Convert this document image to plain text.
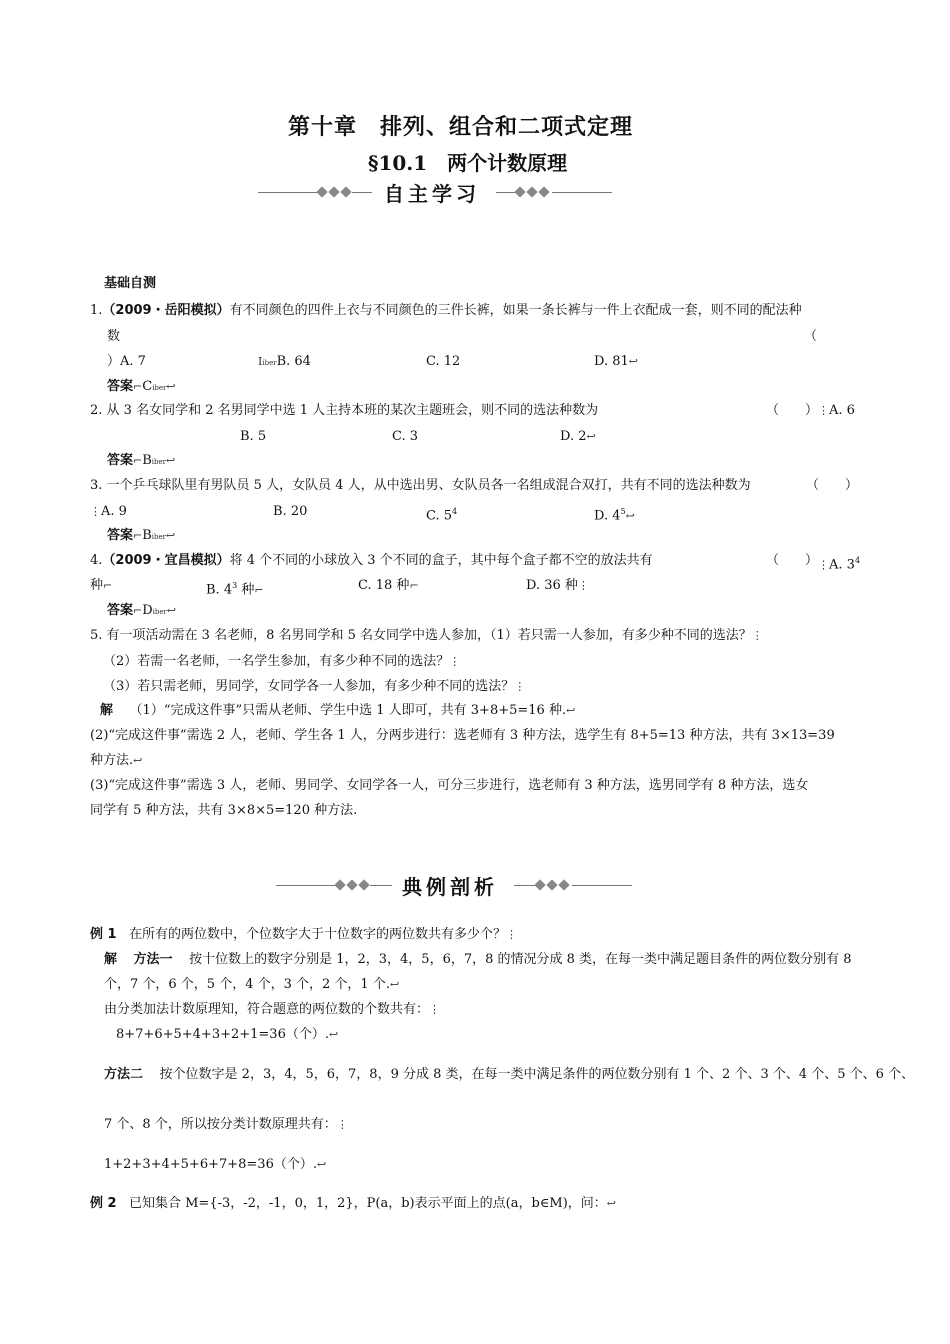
第十章　排列、组合和二项式定理
§10.1　两个计数原理
自主学习
基础自测
1.（2009・岳阳模拟）有不同颜色的四件上衣与不同颜色的三件长裤，如果一条长裤与一件上衣配成一套，则不同的配法种
数	（
）A. 7	IiberB. 64	C. 12	D. 81↩
答案⌐Ciber↩
2. 从 3 名女同学和 2 名男同学中选 1 人主持本班的某次主题班会，则不同的选法种数为	（　　） ⋮A. 6
B. 5	C. 3	D. 2↩
答案⌐Biber↩
3. 一个乒乓球队里有男队员 5 人，女队员 4 人，从中选出男、女队员各一名组成混合双打，共有不同的选法种数为	（　　）
⋮A. 9	B. 20	C. $5^4$	D. $4^5↩$
答案⌐Biber↩
4.（2009・宜昌模拟）将 4 个不同的小球放入 3 个不同的盒子，其中每个盒子都不空的放法共有	（　　） ⋮A. $3^4$
种⌐	B. $4^3$ 种⌐	C. 18 种⌐	D. 36 种⋮
答案⌐Diber↩
5. 有一项活动需在 3 名老师，8 名男同学和 5 名女同学中选人参加，（1）若只需一人参加，有多少种不同的选法？⋮
（2）若需一名老师，一名学生参加，有多少种不同的选法？⋮
（3）若只需老师，男同学，女同学各一人参加，有多少种不同的选法？⋮
解 （1）“完成这件事”只需从老师、学生中选 1 人即可，共有 3+8+5=16 种.↩
(2)“完成这件事”需选 2 人，老师、学生各 1 人，分两步进行：选老师有 3 种方法，选学生有 8+5=13 种方法，共有 3×13=39
种方法.↩
(3)“完成这件事”需选 3 人，老师、男同学、女同学各一人，可分三步进行，选老师有 3 种方法，选男同学有 8 种方法，选女
同学有 5 种方法，共有 3×8×5=120 种方法.
典例剖析
例 1 在所有的两位数中，个位数字大于十位数字的两位数共有多少个？⋮
解 方法一 按十位数上的数字分别是 1，2，3，4，5，6，7，8 的情况分成 8 类，在每一类中满足题目条件的两位数分别有 8
个，7 个，6 个，5 个，4 个，3 个，2 个，1 个.↩
由分类加法计数原理知，符合题意的两位数的个数共有：⋮
8+7+6+5+4+3+2+1=36（个）.↩
方法二 按个位数字是 2，3，4，5，6，7，8，9 分成 8 类，在每一类中满足条件的两位数分别有 1 个、2 个、3 个、4 个、5 个、6 个、
7 个、8 个，所以按分类计数原理共有：⋮
1+2+3+4+5+6+7+8=36（个）.↩
例 2 已知集合 M={-3，-2，-1，0，1，2}，P(a，b)表示平面上的点(a，b∈M)，问：↩
